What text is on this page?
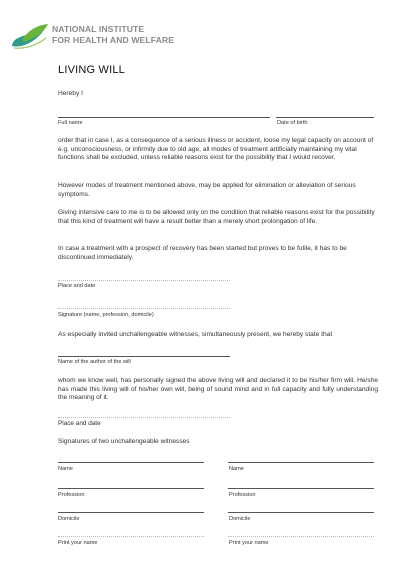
NATIONAL INSTITUTE
FOR HEALTH AND WELFARE
LIVING WILL
Hereby I
Full name	Date of birth
order that in case I, as a consequence of a serious illness or accident, loose my legal capacity on account of e.g. unconsciousness, or infirmity due to old age, all modes of treatment artificially maintaining my vital functions shall be excluded, unless reliable reasons exist for the possibility that I would recover.
However modes of treatment mentioned above, may be applied for elimination or alleviation of serious symptoms.
Giving intensive care to me is to be allowed only on the condition that reliable reasons exist for the possibility that this kind of treatment will have a result better than a merely short prolongation of life.
In case a treatment with a prospect of recovery has been started but proves to be futile, it has to be discontinued immediately.
Place and date
Signature (name, profession, domicile)
As especially invited unchallengeable witnesses, simultaneously present, we hereby state that
Name of the author of the will
whom we know well, has personally signed the above living will and declared it to be his/her firm will. He/she has made this living will of his/her own will, being of sound mind and in full capacity and fully understanding the meaning of it.
Place and date
Signatures of two unchallengeable witnesses
Name
Profession
Domicile
Print your name
Name
Profession
Domicile
Print your name
